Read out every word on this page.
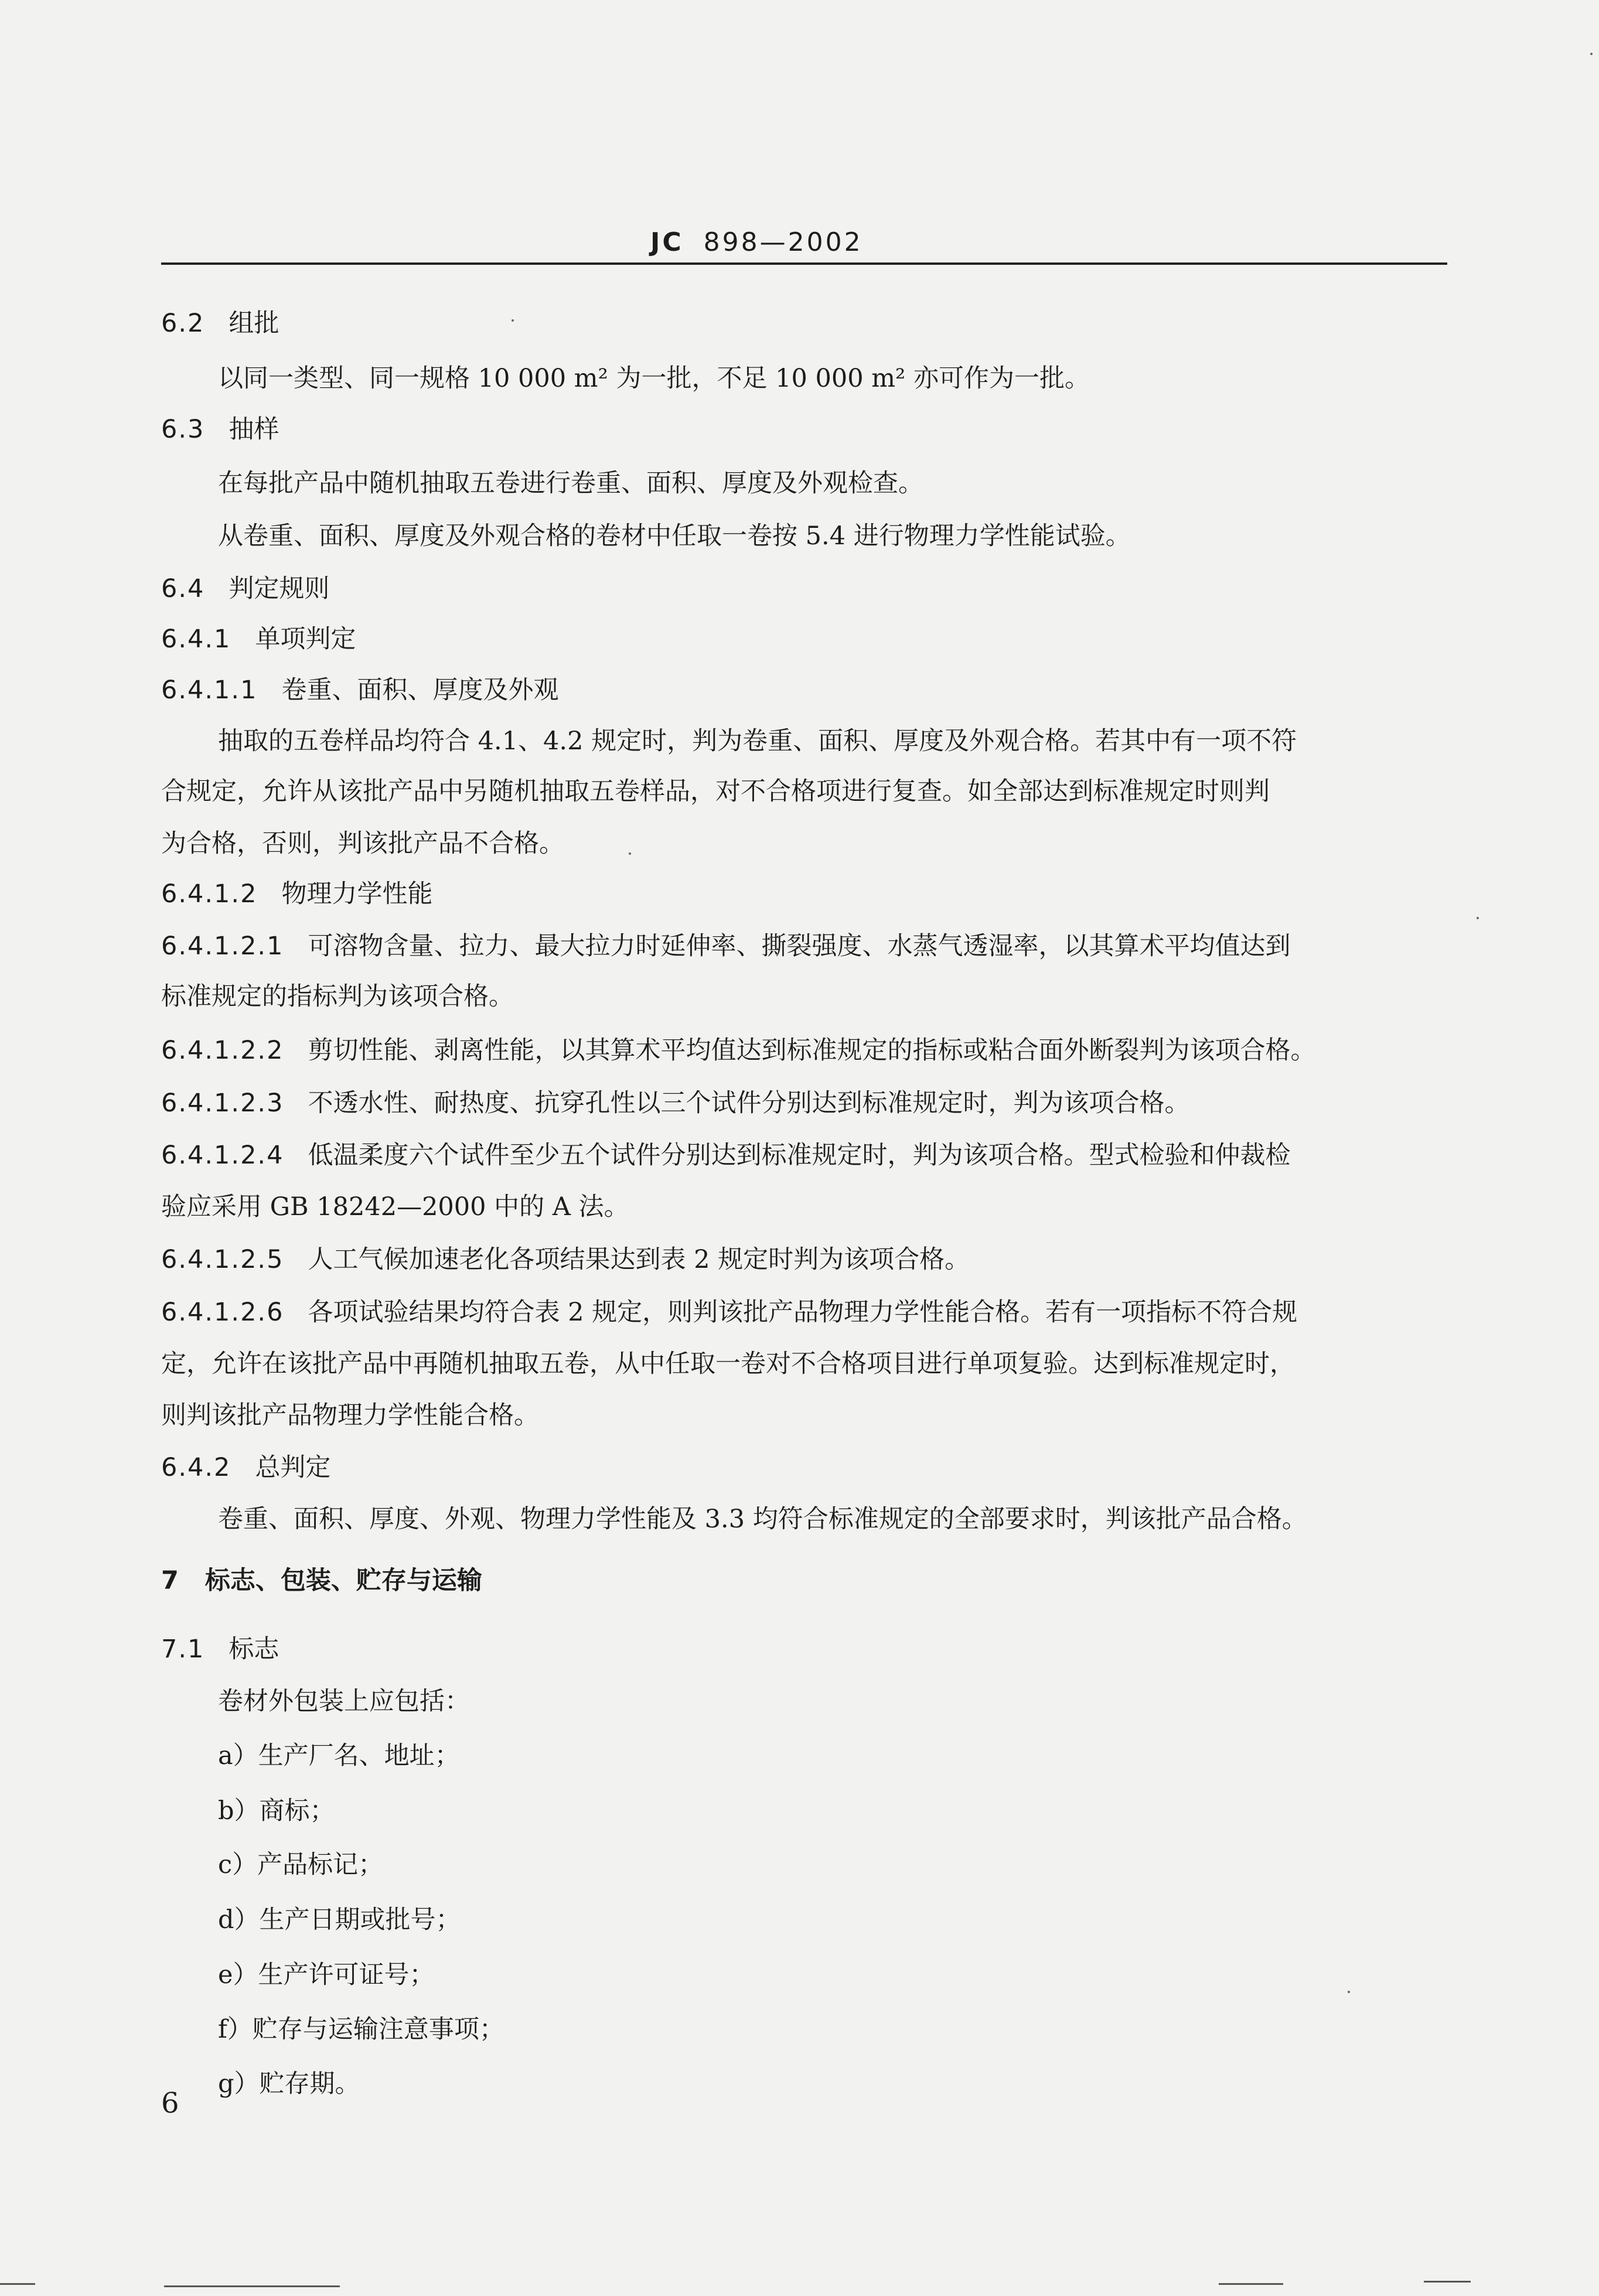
JC 898—2002
6.2 组批
以同一类型、同一规格 10 000 m² 为一批，不足 10 000 m² 亦可作为一批。
6.3 抽样
在每批产品中随机抽取五卷进行卷重、面积、厚度及外观检查。
从卷重、面积、厚度及外观合格的卷材中任取一卷按 5.4 进行物理力学性能试验。
6.4 判定规则
6.4.1 单项判定
6.4.1.1 卷重、面积、厚度及外观
抽取的五卷样品均符合 4.1、4.2 规定时，判为卷重、面积、厚度及外观合格。若其中有一项不符
合规定，允许从该批产品中另随机抽取五卷样品，对不合格项进行复查。如全部达到标准规定时则判
为合格，否则，判该批产品不合格。
6.4.1.2 物理力学性能
6.4.1.2.1 可溶物含量、拉力、最大拉力时延伸率、撕裂强度、水蒸气透湿率，以其算术平均值达到
标准规定的指标判为该项合格。
6.4.1.2.2 剪切性能、剥离性能，以其算术平均值达到标准规定的指标或粘合面外断裂判为该项合格。
6.4.1.2.3 不透水性、耐热度、抗穿孔性以三个试件分别达到标准规定时，判为该项合格。
6.4.1.2.4 低温柔度六个试件至少五个试件分别达到标准规定时，判为该项合格。型式检验和仲裁检
验应采用 GB 18242—2000 中的 A 法。
6.4.1.2.5 人工气候加速老化各项结果达到表 2 规定时判为该项合格。
6.4.1.2.6 各项试验结果均符合表 2 规定，则判该批产品物理力学性能合格。若有一项指标不符合规
定，允许在该批产品中再随机抽取五卷，从中任取一卷对不合格项目进行单项复验。达到标准规定时，
则判该批产品物理力学性能合格。
6.4.2 总判定
卷重、面积、厚度、外观、物理力学性能及 3.3 均符合标准规定的全部要求时，判该批产品合格。
7 标志、包装、贮存与运输
7.1 标志
卷材外包装上应包括：
a）生产厂名、地址；
b）商标；
c）产品标记；
d）生产日期或批号；
e）生产许可证号；
f）贮存与运输注意事项；
g）贮存期。
6
